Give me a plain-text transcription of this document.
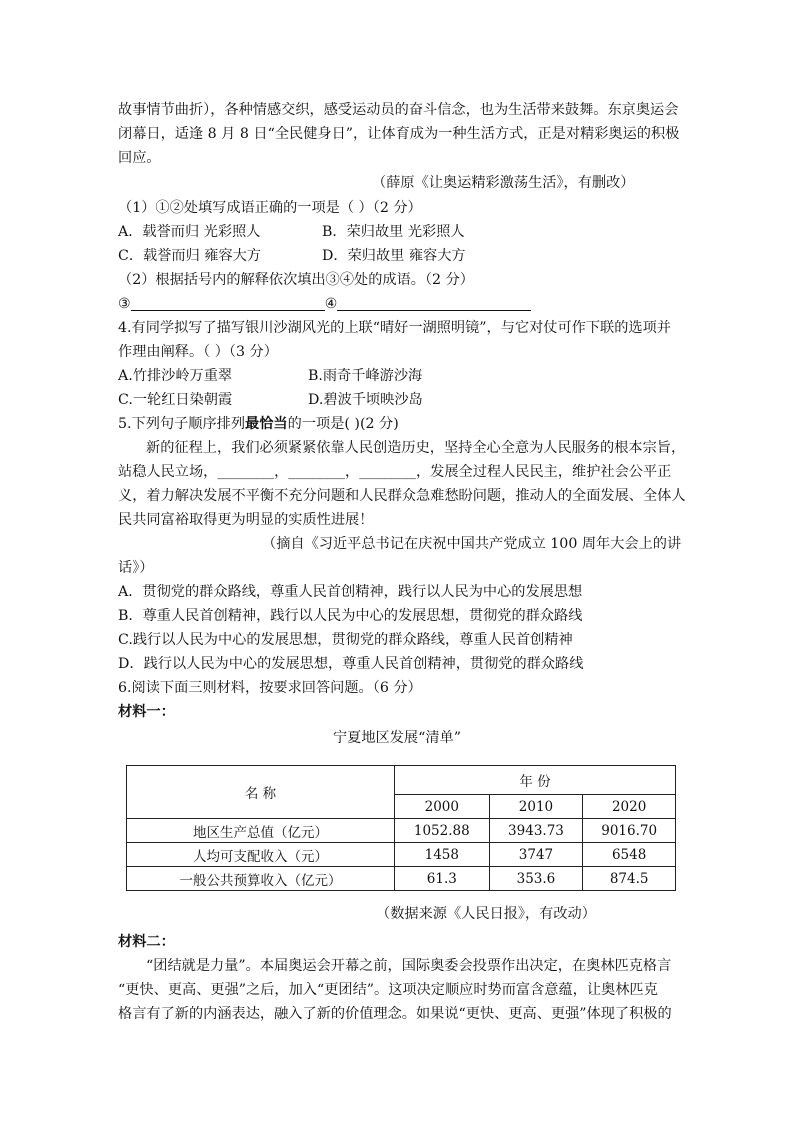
故事情节曲折），各种情感交织，感受运动员的奋斗信念，也为生活带来鼓舞。东京奥运会
闭幕日，适逢 8 月 8 日“全民健身日”，让体育成为一种生活方式，正是对精彩奥运的积极
回应。
（薛原《让奥运精彩激荡生活》，有删改）
（1）①②处填写成语正确的一项是（ ）（2 分）
A．载誉而归 光彩照人	B．荣归故里 光彩照人
C．载誉而归 雍容大方	D．荣归故里 雍容大方
（2）根据括号内的解释依次填出③④处的成语。（2 分）
③	④
4.有同学拟写了描写银川沙湖风光的上联“晴好一湖照明镜”，与它对仗可作下联的选项并
作理由阐释。（ ）（3 分）
A.竹排沙岭万重翠	B.雨奇千峰游沙海
C.一轮红日染朝霞	D.碧波千顷映沙岛
5.下列句子顺序排列最恰当的一项是( )(2 分)
新的征程上，我们必须紧紧依靠人民创造历史，坚持全心全意为人民服务的根本宗旨，
站稳人民立场，________，________，________，发展全过程人民民主，维护社会公平正
义，着力解决发展不平衡不充分问题和人民群众急难愁盼问题，推动人的全面发展、全体人
民共同富裕取得更为明显的实质性进展！
（摘自《习近平总书记在庆祝中国共产党成立 100 周年大会上的讲
话》）
A．贯彻党的群众路线，尊重人民首创精神，践行以人民为中心的发展思想
B．尊重人民首创精神，践行以人民为中心的发展思想，贯彻党的群众路线
C.践行以人民为中心的发展思想，贯彻党的群众路线，尊重人民首创精神
D．践行以人民为中心的发展思想，尊重人民首创精神，贯彻党的群众路线
6.阅读下面三则材料，按要求回答问题。（6 分）
材料一：
宁夏地区发展“清单”
名 称	年 份		
	2000	2010	2020
地区生产总值（亿元）	1052.88	3943.73	9016.70
人均可支配收入（元）	1458	3747	6548
一般公共预算收入（亿元）	61.3	353.6	874.5
（数据来源《人民日报》，有改动）
材料二：
“团结就是力量”。本届奥运会开幕之前，国际奥委会投票作出决定，在奥林匹克格言
“更快、更高、更强”之后，加入“更团结”。这项决定顺应时势而富含意蕴，让奥林匹克
格言有了新的内涵表达，融入了新的价值理念。如果说“更快、更高、更强”体现了积极的
